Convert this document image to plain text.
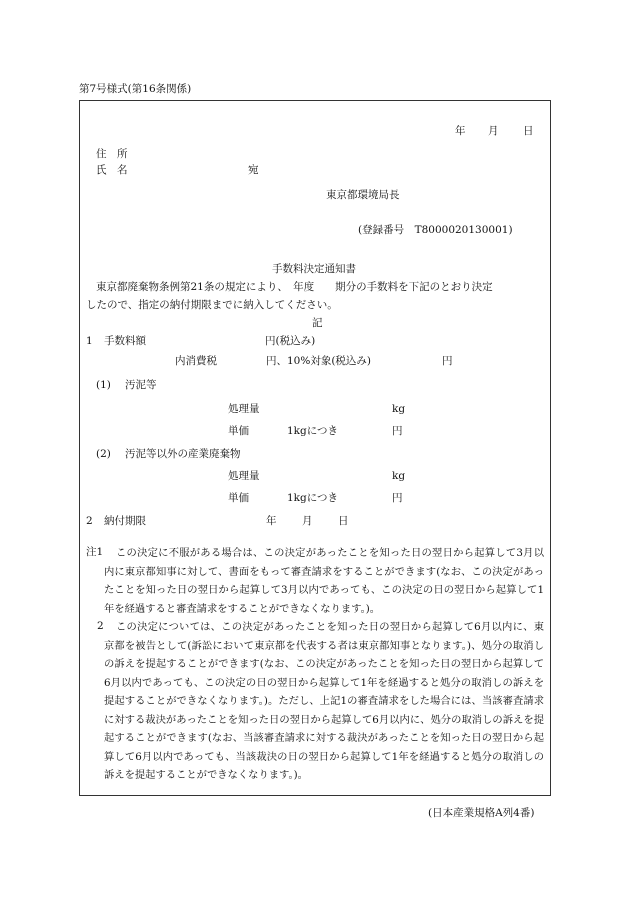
第7号様式(第16条関係)
年 月 日
住　所
氏　名	宛
東京都環境局長
(登録番号　T8000020130001)
手数料決定通知書
東京都廃棄物条例第21条の規定により、　年度　　期分の手数料を下記のとおり決定
したので、指定の納付期限までに納入してください。
記
1 手数料額	円(税込み)
内消費税	円、10%対象(税込み)	円
(1) 汚泥等
処理量	kg
単価	1kgにつき	円
(2) 汚泥等以外の産業廃棄物
処理量	kg
単価	1kgにつき	円
2 納付期限	年 月 日
注1	この決定に不服がある場合は、この決定があったことを知った日の翌日から起算して3月以内に東京都知事に対して、書面をもって審査請求をすることができます(なお、この決定があったことを知った日の翌日から起算して3月以内であっても、この決定の日の翌日から起算して1年を経過すると審査請求をすることができなくなります。)。

2	この決定については、この決定があったことを知った日の翌日から起算して6月以内に、東京都を被告として(訴訟において東京都を代表する者は東京都知事となります。)、処分の取消しの訴えを提起することができます(なお、この決定があったことを知った日の翌日から起算して6月以内であっても、この決定の日の翌日から起算して1年を経過すると処分の取消しの訴えを提起することができなくなります。)。ただし、上記1の審査請求をした場合には、当該審査請求に対する裁決があったことを知った日の翌日から起算して6月以内に、処分の取消しの訴えを提起することができます(なお、当該審査請求に対する裁決があったことを知った日の翌日から起算して6月以内であっても、当該裁決の日の翌日から起算して1年を経過すると処分の取消しの訴えを提起することができなくなります。)。

(日本産業規格A列4番)
